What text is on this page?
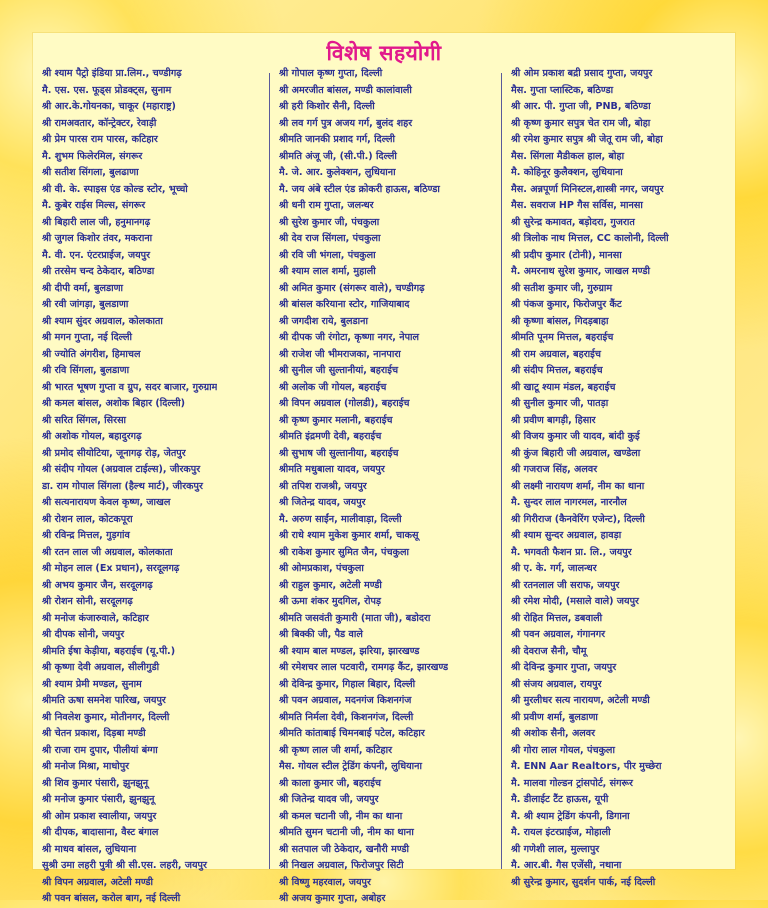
विशेष सहयोगी
श्री श्याम पैट्रो इंडिया प्रा.लिम., चण्डीगढ़
मै. एस. एस. फूड्स प्रोडक्ट्स, सुनाम
श्री आर.के.गोयनका, चाकूर (महाराष्ट्र)
श्री रामअवतार, कॉन्ट्रेक्टर, रेवाड़ी
श्री प्रेम पारस राम पारस, कटिहार
मै. शुभम फिलेरमिल, संगरूर
श्री सतीश सिंगला, बुलढाणा
श्री वी. के. स्पाइस एंड कोल्ड स्टोर, भूच्चो
मै. कुबेर राईस मिल्स, संगरूर
श्री बिहारी लाल जी, हनुमानगढ़
श्री जुगल किशोर तंवर, मकराना
मै. वी. एन. एंटरप्राईज, जयपुर
श्री तरसेम चन्द ठेकेदार, बठिण्डा
श्री दीपी वर्मा, बुलडाणा
श्री रवी जांगड़ा, बुलडाणा
श्री श्याम सुंदर अग्रवाल, कोलकाता
श्री मगन गुप्ता, नई दिल्ली
श्री ज्योति अंगरीश, हिमाचल
श्री रवि सिंगला, बुलडाणा
श्री भारत भूषण गुप्ता व ग्रुप, सदर बाजार, गुरुग्राम
श्री कमल बांसल, अशोक बिहार (दिल्ली)
श्री सरित सिंगल, सिरसा
श्री अशोक गोयल, बहादुरगढ़
श्री प्रमोद सीयोटिया, जूनागढ़ रोड़, जेतपुर
श्री संदीप गोयल (अग्रवाल टाईल्स), जीरकपुर
डा. राम गोपाल सिंगला (हैल्थ मार्ट), जीरकपुर
श्री सत्यनारायण केवल कृष्ण, जाखल
श्री रोशन लाल, कोटकपूरा
श्री रविन्द्र मित्तल, गुड़गांव
श्री रतन लाल जी अग्रवाल, कोलकाता
श्री मोहन लाल (Ex प्रधान), सरदूलगढ़
श्री अभय कुमार जैन, सरदूलगढ़
श्री रोशन सोनी, सरदूलगढ़
श्री मनोज कंजारुवाले, कटिहार
श्री दीपक सोनी, जयपुर
श्रीमति ईषा केड़ीया, बहराईच (यू.पी.)
श्री कृष्णा देवी अग्रवाल, सीलीगुडी
श्री श्याम प्रेमी मण्डल, सुनाम
श्रीमति ऊषा समनेश पारिख, जयपुर
श्री निवलेश कुमार, मोतीनगर, दिल्ली
श्री चेतन प्रकाश, दिड़बा मण्डी
श्री राजा राम दुपार, पीलीयां बंग्गा
श्री मनोज मिश्रा, माधोपुर
श्री शिव कुमार पंसारी, झुनझुनू
श्री मनोज कुमार पंसारी, झुनझुनू
श्री ओम प्रकाश स्वालीया, जयपुर
श्री दीपक, बादासाना, वैस्ट बंगाल
श्री माधव बांसल, लुधियाना
सुश्री उमा लहरी पुत्री श्री सी.एस. लहरी, जयपुर
श्री विपन अग्रवाल, अटेली मण्डी
श्री पवन बांसल, करोल बाग, नई दिल्ली
श्री गोपाल कृष्ण गुप्ता, दिल्ली
श्री अमरजीत बांसल, मण्डी कालांवाली
श्री हरी किशोर सैनी, दिल्ली
श्री लव गर्ग पुत्र अजय गर्ग, बुलंद शहर
श्रीमति जानकी प्रशाद गर्ग, दिल्ली
श्रीमति अंजू जी, (सी.पी.) दिल्ली
मै. जे. आर. कुलेक्शन, लुधियाना
मै. जय अंबे स्टील एंड क्रोकरी हाऊस, बठिण्डा
श्री धनी राम गुप्ता, जलन्धर
श्री सुरेश कुमार जी, पंचकुला
श्री देव राज सिंगला, पंचकुला
श्री रवि जी भंगला, पंचकुला
श्री श्याम लाल शर्मा, मुहाली
श्री अमित कुमार (संगरूर वाले), चण्डीगढ़
श्री बांसल करियाना स्टोर, गाजियाबाद
श्री जगदीश राये, बुलडाना
श्री दीपक जी रंगोटा, कृष्णा नगर, नेपाल
श्री राजेश जी भीमराजका, नानपारा
श्री सुनील जी सुल्तानीयां, बहराईच
श्री अलोक जी गोयल, बहराईच
श्री विपन अग्रवाल (गोलडी), बहराईच
श्री कृष्ण कुमार मलानी, बहराईच
श्रीमति इंद्रमणी देवी, बहराईच
श्री सुभाष जी सुल्तानीया, बहराईच
श्रीमति मधुबाला यादव, जयपुर
श्री तपिश राजश्री, जयपुर
श्री जितेन्द्र यादव, जयपुर
मै. अरुण साईंन, मालीवाड़ा, दिल्ली
श्री राधे श्याम मुकेश कुमार शर्मा, चाकसू
श्री राकेश कुमार सुमित जैन, पंचकुला
श्री ओमप्रकाश, पंचकुला
श्री राहुल कुमार, अटेली मण्डी
श्री ऊमा शंकर मुदगिल, रोपड़
श्रीमति जसवंती कुमारी (माता जी), बडोदरा
श्री बिक्की जी, पैड वाले
श्री श्याम बाल मण्डल, झरिया, झारखण्ड
श्री रमेशचर लाल पटवारी, रामगढ़ कैंट, झारखण्ड
श्री देविन्द्र कुमार, गिहाल बिहार, दिल्ली
श्री पवन अग्रवाल, मदनगंज किशनगंज
श्रीमति निर्मला देवी, किशनगंज, दिल्ली
श्रीमति कांताबाई चिमनबाई पटेल, कटिहार
श्री कृष्ण लाल जी शर्मा, कटिहार
मैस. गोयल स्टील ट्रेडिंग कंपनी, लुधियाना
श्री काला कुमार जी, बहराईच
श्री जितेन्द्र यादव जी, जयपुर
श्री कमल चटानी जी, नीम का थाना
श्रीमति सुमन चटानी जी, नीम का थाना
श्री सतपाल जी ठेकेदार, खनौरी मण्डी
श्री निखल अग्रवाल, फिरोजपुर सिटी
श्री विष्णु महरवाल, जयपुर
श्री अजय कुमार गुप्ता, अबोहर
श्री ओम प्रकाश बद्री प्रसाद गुप्ता, जयपुर
मैस. गुप्ता प्लास्टिक, बठिण्डा
श्री आर. पी. गुप्ता जी, PNB, बठिण्डा
श्री कृष्ण कुमार सपुत्र चेत राम जी, बोहा
श्री रमेश कुमार सपुत्र श्री जेतू राम जी, बोहा
मैस. सिंगला मैडीकल हाल, बोहा
मै. कोहिनूर कुलैक्शन, लुधियाना
मैस. अन्नपूर्णा मिनिस्टल,शास्त्री नगर, जयपुर
मैस. सवराज HP गैस सर्विस, मानसा
श्री सुरेन्द्र कमावत, बड़ोदरा, गुजरात
श्री त्रिलोक नाथ मित्तल, CC कालोनी, दिल्ली
श्री प्रदीप कुमार (टोनी), मानसा
मै. अमरनाथ सुरेश कुमार, जाखल मण्डी
श्री सतीश कुमार जी, गुरुग्राम
श्री पंकज कुमार, फिरोजपुर कैंट
श्री कृष्णा बांसल, गिदड़बाहा
श्रीमति पूनम मित्तल, बहराईच
श्री राम अग्रवाल, बहराईच
श्री संदीप मित्तल, बहराईच
श्री खाटू श्याम मंडल, बहराईच
श्री सुनील कुमार जी, पातड़ा
श्री प्रवीण बागड़ी, हिसार
श्री विजय कुमार जी यादव, बांदी कुई
श्री कुंज बिहारी जी अग्रवाल, खण्डेला
श्री गजराज सिंह, अलवर
श्री लक्ष्मी नारायण शर्मा, नीम का थाना
मै. सुन्दर लाल नागरमल, नारनौल
श्री गिरीराज (कैनवेरिंग एजेन्ट), दिल्ली
श्री श्याम सुन्दर अग्रवाल, हावड़ा
मै. भगवती फैशन प्रा. लि., जयपुर
श्री ए. के. गर्ग, जालन्धर
श्री रतनलाल जी सराफ, जयपुर
श्री रमेश मोदी, (मसाले वाले) जयपुर
श्री रोहित मित्तल, डबवाली
श्री पवन अग्रवाल, गंगानगर
श्री देवराज सैनी, चौमू
श्री देविन्द्र कुमार गुप्ता, जयपुर
श्री संजय अग्रवाल, रायपुर
श्री मुरलीधर सत्य नारायण, अटेली मण्डी
श्री प्रवीण शर्मा, बुलडाणा
श्री अशोक सैनी, अलवर
श्री गोरा लाल गोयल, पंचकुला
मै. ENN Aar Realtors, पीर मुच्छेरा
मै. मालवा गोल्डन ट्रांसपोर्ट, संगरूर
मै. डीलाईट टैंट हाऊस, यूपी
मै. श्री श्याम ट्रेडिंग कंपनी, डिगाना
मै. रायल इंटरप्राईज, मोहाली
श्री गणेशी लाल, मुल्लापुर
मै. आर.बी. गैस एजेंसी, नथाना
श्री सुरेन्द्र कुमार, सुदर्शन पार्क, नई दिल्ली
